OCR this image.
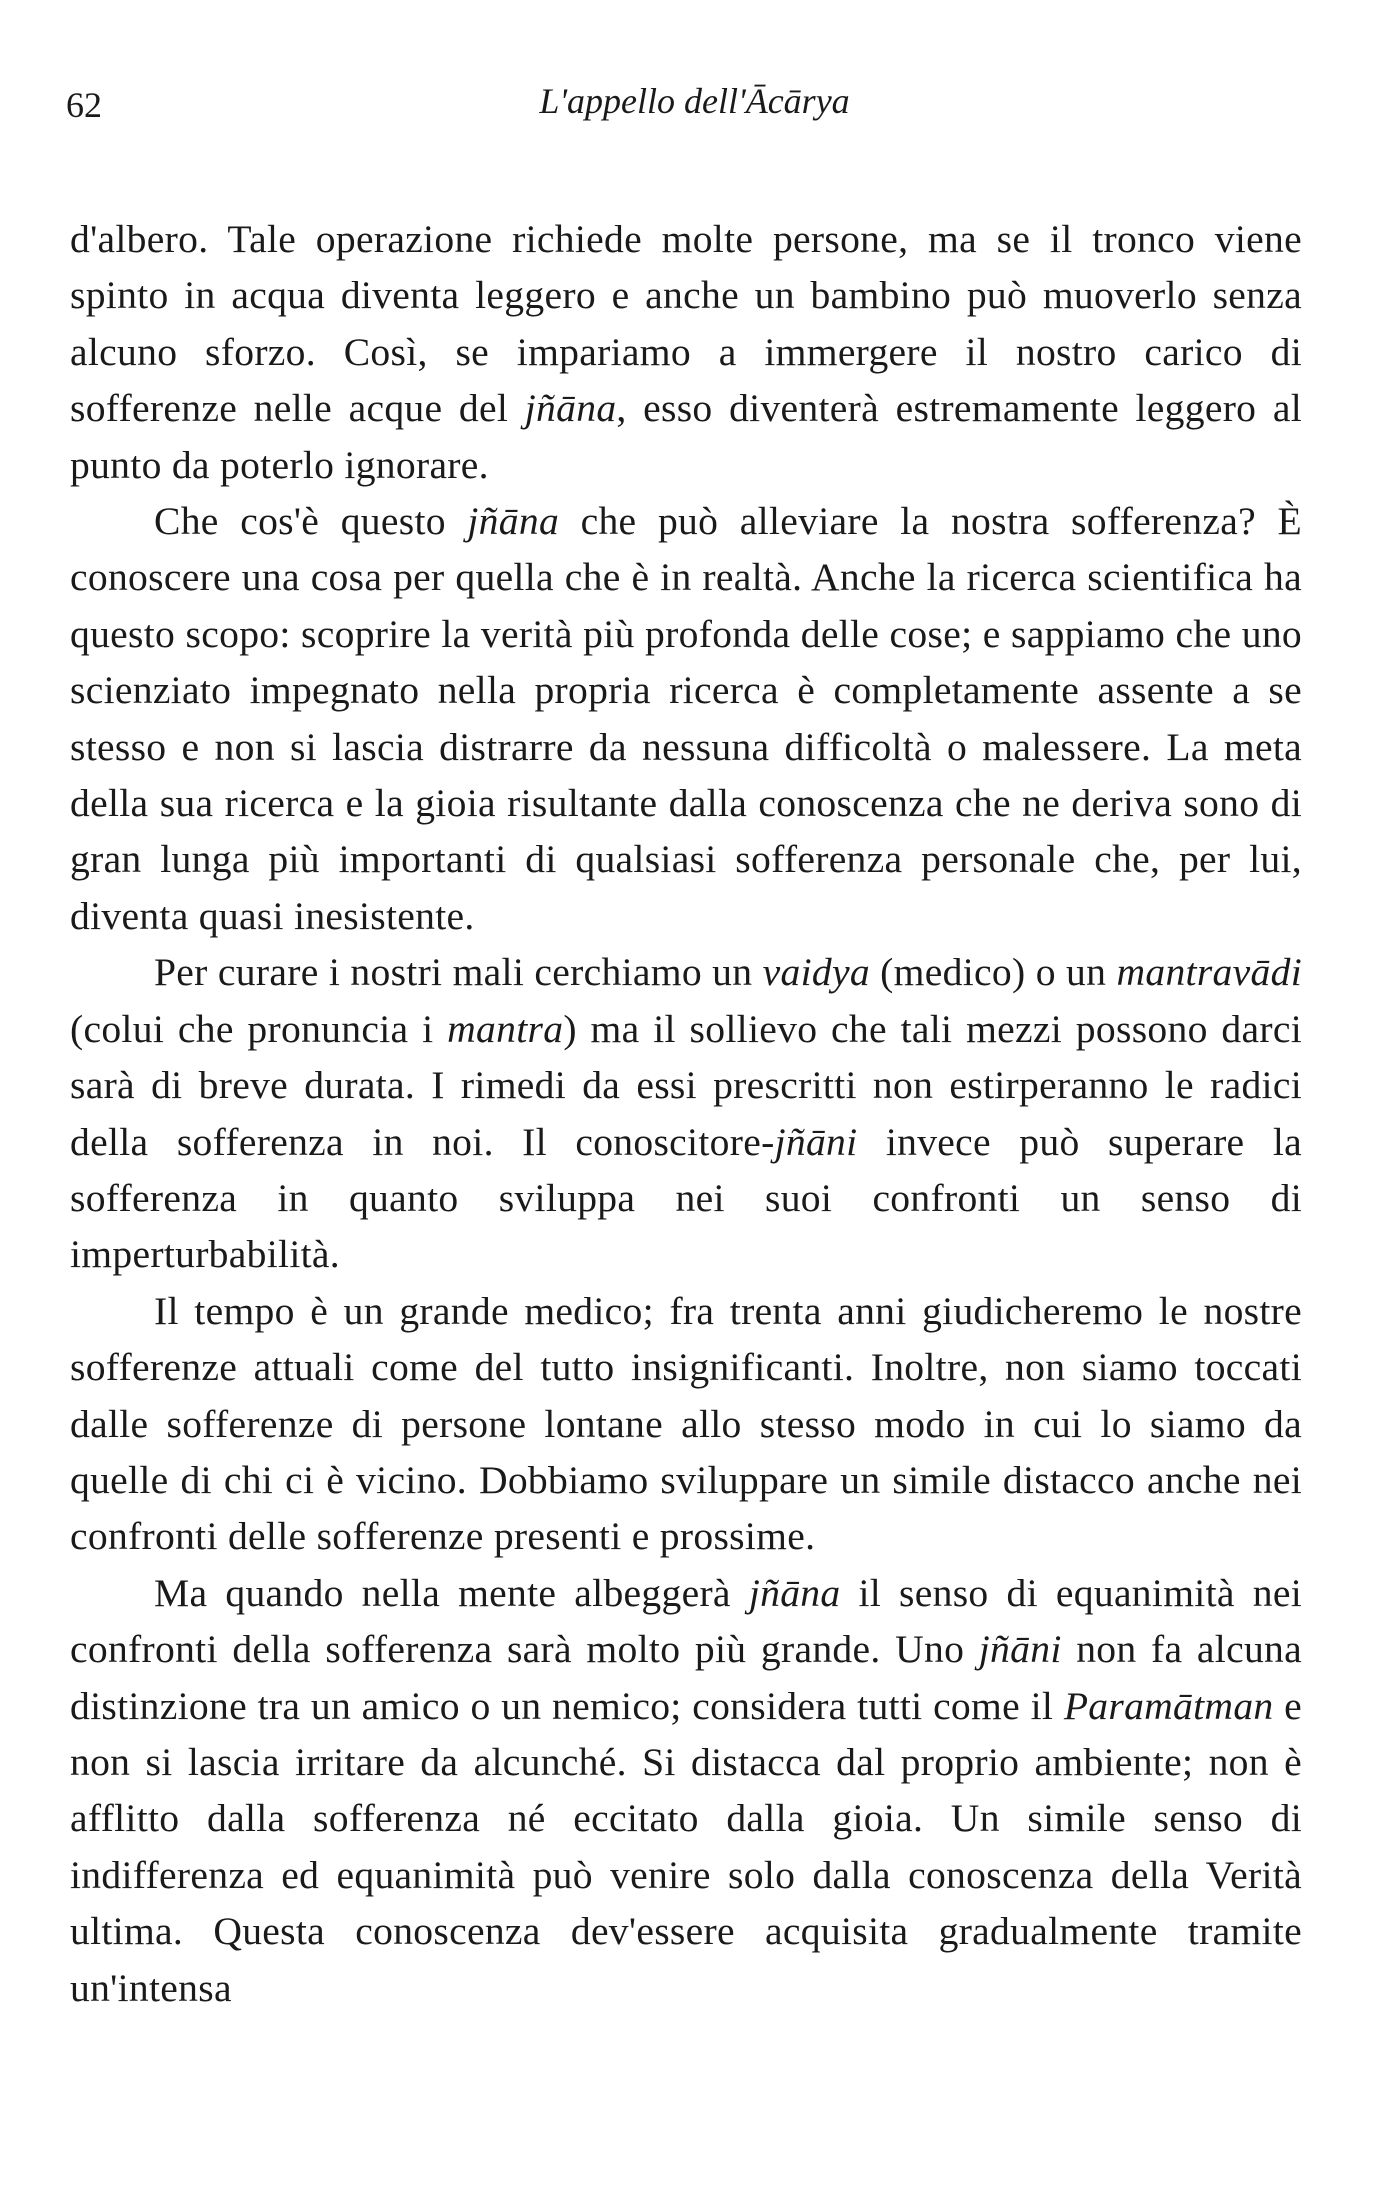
62	L'appello dell'Ācārya

d'albero. Tale operazione richiede molte persone, ma se il tronco viene spinto in acqua diventa leggero e anche un bambino può muoverlo senza alcuno sforzo. Così, se impariamo a immergere il nostro carico di sofferenze nelle acque del jñāna, esso diventerà estremamente leggero al punto da poterlo ignorare.

Che cos'è questo jñāna che può alleviare la nostra sofferenza? È conoscere una cosa per quella che è in realtà. Anche la ricerca scientifica ha questo scopo: scoprire la verità più profonda delle cose; e sappiamo che uno scienziato impegnato nella propria ricerca è completamente assente a se stesso e non si lascia distrarre da nessuna difficoltà o malessere. La meta della sua ricerca e la gioia risultante dalla conoscenza che ne deriva sono di gran lunga più importanti di qualsiasi sofferenza personale che, per lui, diventa quasi inesistente.

Per curare i nostri mali cerchiamo un vaidya (medico) o un mantravādi (colui che pronuncia i mantra) ma il sollievo che tali mezzi possono darci sarà di breve durata. I rimedi da essi prescritti non estirperanno le radici della sofferenza in noi. Il conoscitore-jñāni invece può superare la sofferenza in quanto sviluppa nei suoi confronti un senso di imperturbabilità.

Il tempo è un grande medico; fra trenta anni giudicheremo le nostre sofferenze attuali come del tutto insignificanti. Inoltre, non siamo toccati dalle sofferenze di persone lontane allo stesso modo in cui lo siamo da quelle di chi ci è vicino. Dobbiamo sviluppare un simile distacco anche nei confronti delle sofferenze presenti e prossime.

Ma quando nella mente albeggerà jñāna il senso di equanimità nei confronti della sofferenza sarà molto più grande. Uno jñāni non fa alcuna distinzione tra un amico o un nemico; considera tutti come il Paramātman e non si lascia irritare da alcunché. Si distacca dal proprio ambiente; non è afflitto dalla sofferenza né eccitato dalla gioia. Un simile senso di indifferenza ed equanimità può venire solo dalla conoscenza della Verità ultima. Questa conoscenza dev'essere acquisita gradualmente tramite un'intensa
